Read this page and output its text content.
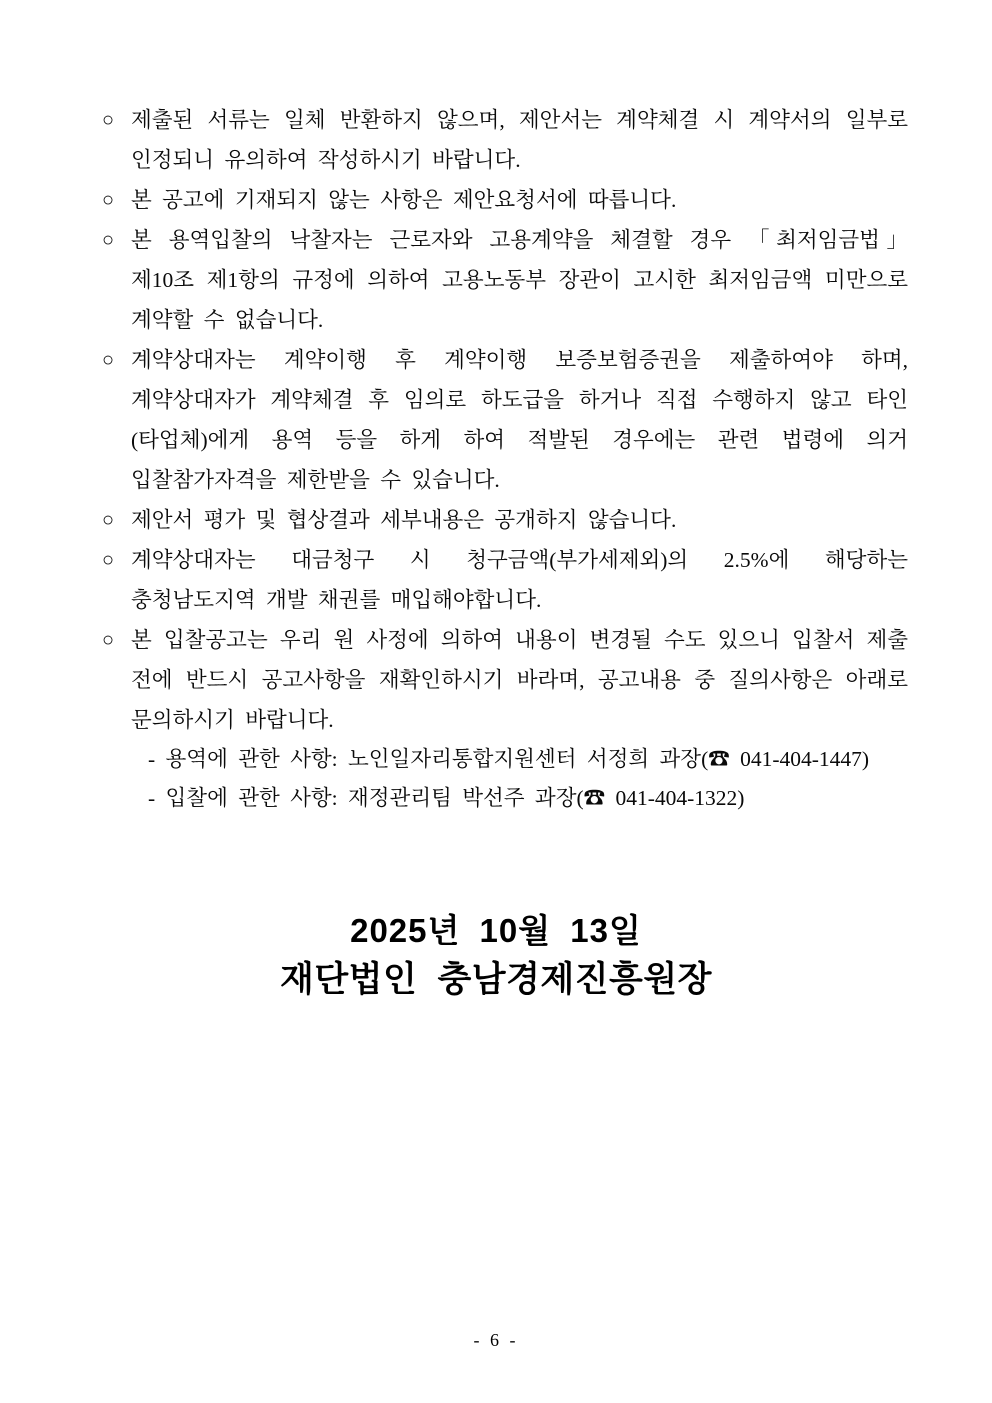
○ 제출된 서류는 일체 반환하지 않으며, 제안서는 계약체결 시 계약서의 일부로 인정되니 유의하여 작성하시기 바랍니다.

○ 본 공고에 기재되지 않는 사항은 제안요청서에 따릅니다.

○ 본 용역입찰의 낙찰자는 근로자와 고용계약을 체결할 경우 「최저임금법」 제10조 제1항의 규정에 의하여 고용노동부 장관이 고시한 최저임금액 미만으로 계약할 수 없습니다.

○ 계약상대자는 계약이행 후 계약이행 보증보험증권을 제출하여야 하며, 계약상대자가 계약체결 후 임의로 하도급을 하거나 직접 수행하지 않고 타인(타업체)에게 용역 등을 하게 하여 적발된 경우에는 관련 법령에 의거 입찰참가자격을 제한받을 수 있습니다.

○ 제안서 평가 및 협상결과 세부내용은 공개하지 않습니다.

○ 계약상대자는 대금청구 시 청구금액(부가세제외)의 2.5%에 해당하는 충청남도지역 개발 채권를 매입해야합니다.

○ 본 입찰공고는 우리 원 사정에 의하여 내용이 변경될 수도 있으니 입찰서 제출 전에 반드시 공고사항을 재확인하시기 바라며, 공고내용 중 질의사항은 아래로 문의하시기 바랍니다.

- 용역에 관한 사항: 노인일자리통합지원센터 서정희 과장(☎ 041-404-1447)

- 입찰에 관한 사항: 재정관리팀 박선주 과장(☎ 041-404-1322)

2025년 10월 13일
재단법인 충남경제진흥원장
- 6 -
